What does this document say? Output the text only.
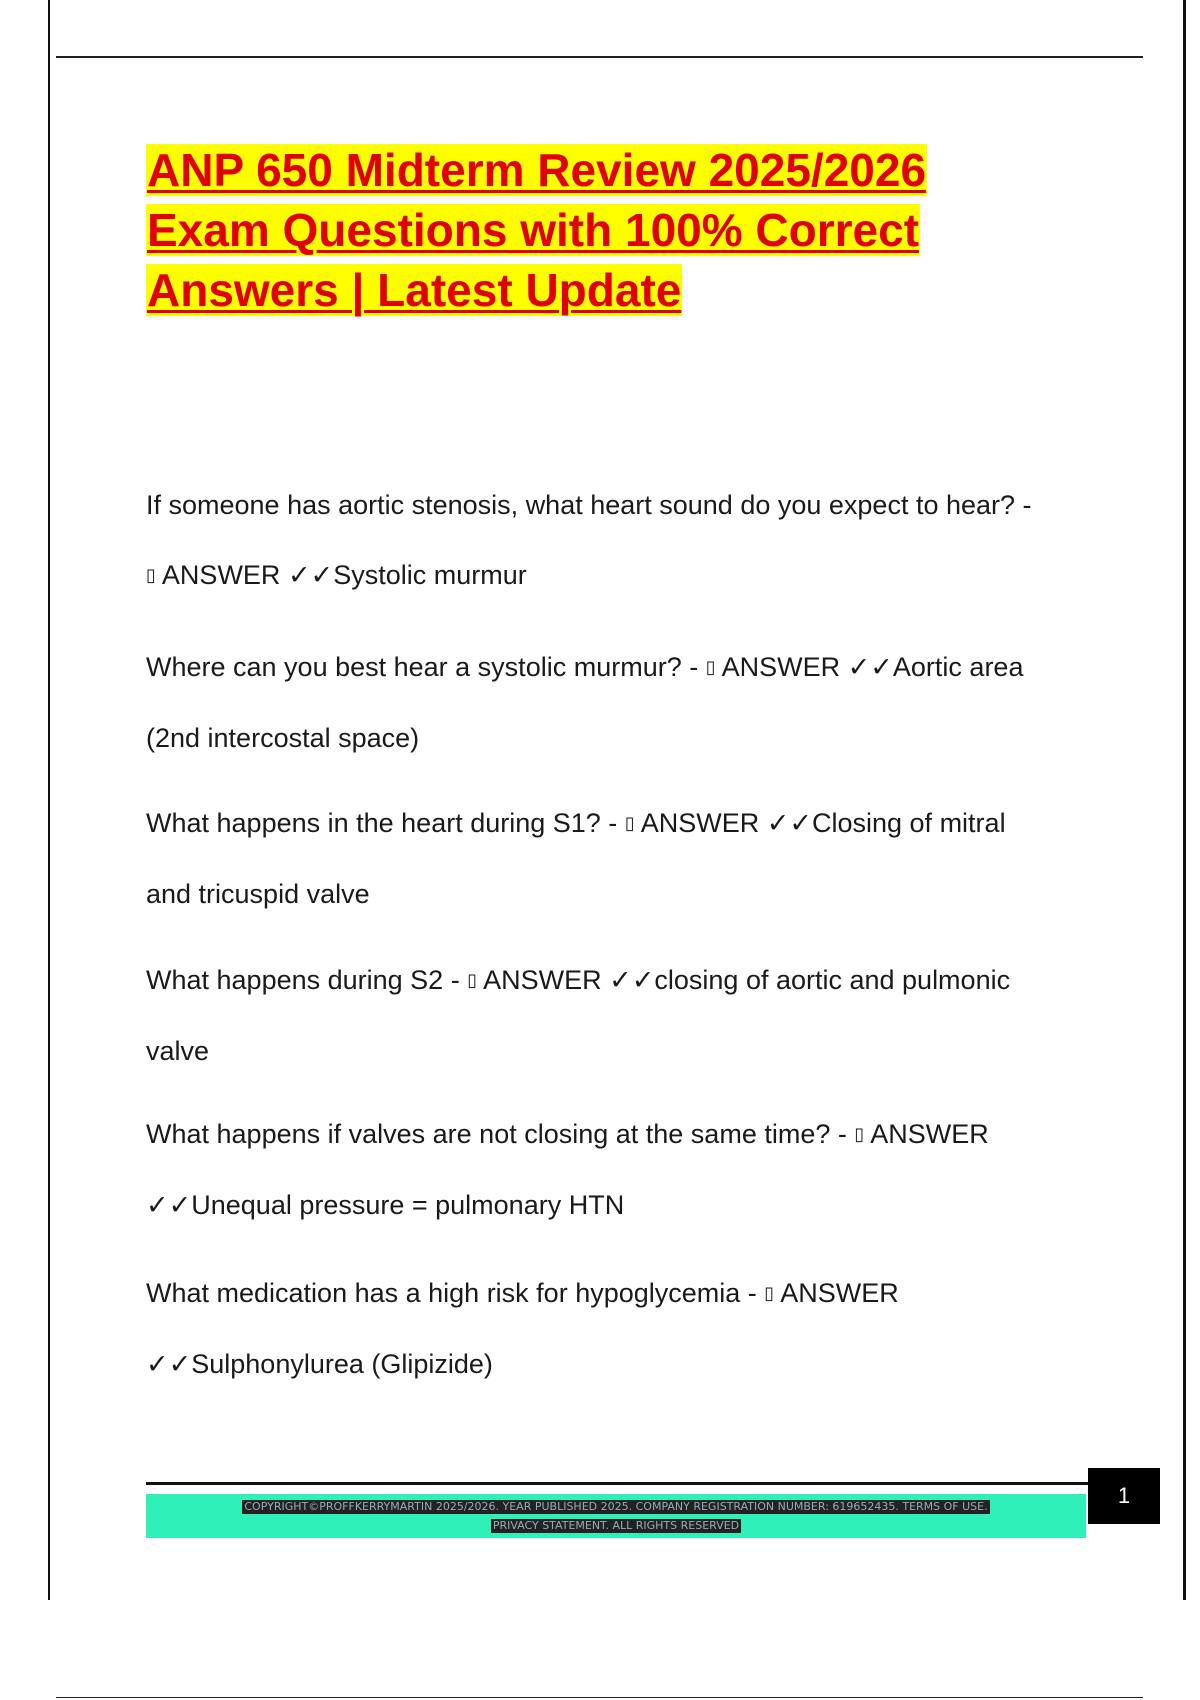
ANP 650 Midterm Review 2025/2026
Exam Questions with 100% Correct
Answers | Latest Update
If someone has aortic stenosis, what heart sound do you expect to hear? -
▯ ANSWER ✓✓Systolic murmur
Where can you best hear a systolic murmur? - ▯ ANSWER ✓✓Aortic area
(2nd intercostal space)
What happens in the heart during S1? - ▯ ANSWER ✓✓Closing of mitral
and tricuspid valve
What happens during S2 - ▯ ANSWER ✓✓closing of aortic and pulmonic
valve
What happens if valves are not closing at the same time? - ▯ ANSWER
✓✓Unequal pressure = pulmonary HTN
What medication has a high risk for hypoglycemia - ▯ ANSWER
✓✓Sulphonylurea (Glipizide)
1
COPYRIGHT©PROFFKERRYMARTIN 2025/2026. YEAR PUBLISHED 2025. COMPANY REGISTRATION NUMBER: 619652435. TERMS OF USE.
PRIVACY STATEMENT. ALL RIGHTS RESERVED
